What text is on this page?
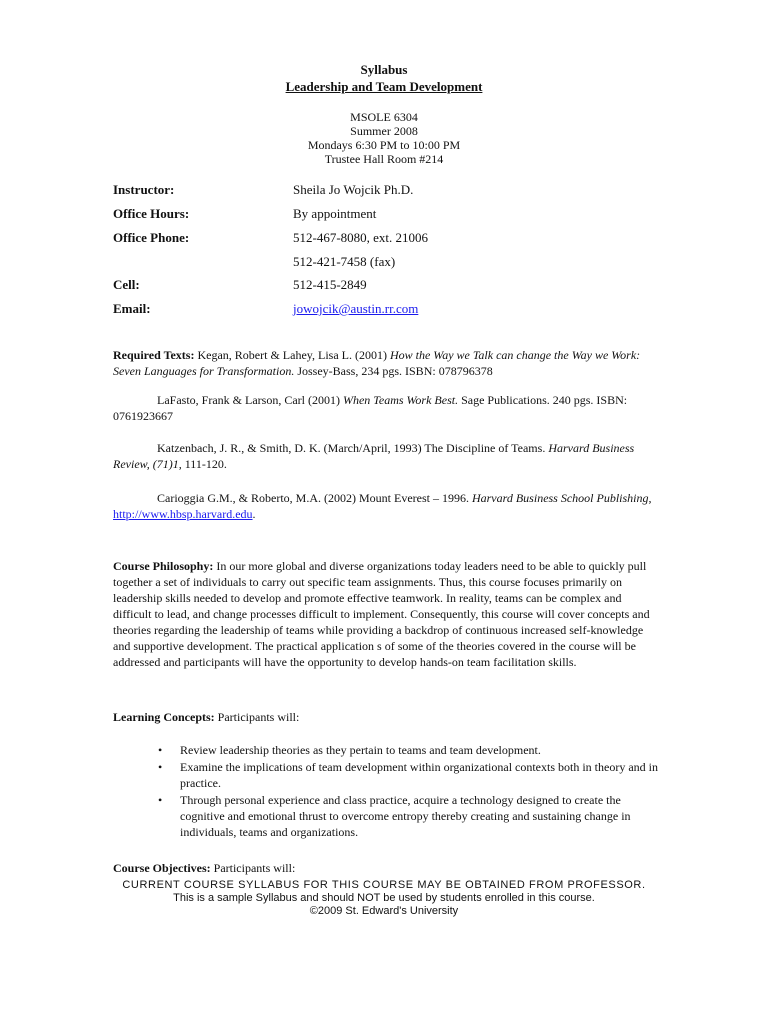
Syllabus
Leadership and Team Development
MSOLE 6304
Summer 2008
Mondays 6:30 PM to 10:00 PM
Trustee Hall Room #214
Instructor:	Sheila Jo Wojcik Ph.D.
Office Hours:	By appointment
Office Phone:	512-467-8080, ext. 21006
512-421-7458 (fax)
Cell:	512-415-2849
Email:	jowojcik@austin.rr.com
Required Texts: Kegan, Robert & Lahey, Lisa L. (2001) How the Way we Talk can change the Way we Work: Seven Languages for Transformation. Jossey-Bass, 234 pgs. ISBN: 078796378
LaFasto, Frank & Larson, Carl (2001) When Teams Work Best. Sage Publications. 240 pgs. ISBN: 0761923667
Katzenbach, J. R., & Smith, D. K. (March/April, 1993) The Discipline of Teams. Harvard Business Review, (71)1, 111-120.
Carioggia G.M., & Roberto, M.A. (2002) Mount Everest – 1996. Harvard Business School Publishing, http://www.hbsp.harvard.edu.
Course Philosophy: In our more global and diverse organizations today leaders need to be able to quickly pull together a set of individuals to carry out specific team assignments. Thus, this course focuses primarily on leadership skills needed to develop and promote effective teamwork. In reality, teams can be complex and difficult to lead, and change processes difficult to implement. Consequently, this course will cover concepts and theories regarding the leadership of teams while providing a backdrop of continuous increased self-knowledge and supportive development. The practical application s of some of the theories covered in the course will be addressed and participants will have the opportunity to develop hands-on team facilitation skills.
Learning Concepts: Participants will:
• Review leadership theories as they pertain to teams and team development.
• Examine the implications of team development within organizational contexts both in theory and in practice.
• Through personal experience and class practice, acquire a technology designed to create the cognitive and emotional thrust to overcome entropy thereby creating and sustaining change in individuals, teams and organizations.
Course Objectives: Participants will:
CURRENT COURSE SYLLABUS FOR THIS COURSE MAY BE OBTAINED FROM PROFESSOR.
This is a sample Syllabus and should NOT be used by students enrolled in this course.
©2009 St. Edward's University
